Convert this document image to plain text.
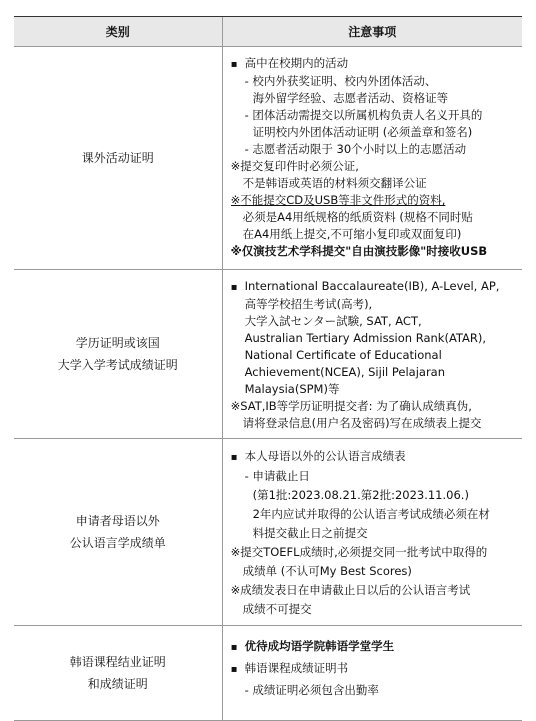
类别	注意事项
课外活动证明
▪ 高中在校期内的活动
- 校内外获奖证明、校内外团体活动、
海外留学经验、志愿者活动、资格证等
- 团体活动需提交以所属机构负责人名义开具的
证明校内外团体活动证明 (必须盖章和签名)
- 志愿者活动限于 30个小时以上的志愿活动
※ 提交复印件时必须公证,
不是韩语或英语的材料须交翻译公证
※ 不能提交CD及USB等非文件形式的资料,
必须是A4用纸规格的纸质资料 (规格不同时贴
在A4用纸上提交,不可缩小复印或双面复印)
※ 仅演技艺术学科提交"自由演技影像"时接收USB
学历证明或该国
大学入学考试成绩证明
▪ International Baccalaureate(IB), A-Level, AP,
高等学校招生考试(高考),
大学入試センター試験, SAT, ACT,
Australian Tertiary Admission Rank(ATAR),
National Certificate of Educational
Achievement(NCEA), Sijil Pelajaran
Malaysia(SPM)等
※ SAT,IB等学历证明提交者: 为了确认成绩真伪,
请将登录信息(用户名及密码)写在成绩表上提交
申请者母语以外
公认语言学成绩单
▪ 本人母语以外的公认语言成绩表
- 申请截止日
(第1批:2023.08.21.第2批:2023.11.06.)
2年内应试并取得的公认语言考试成绩必须在材
料提交截止日之前提交
※ 提交TOEFL成绩时,必须提交同一批考试中取得的
成绩单 (不认可My Best Scores)
※ 成绩发表日在申请截止日以后的公认语言考试
成绩不可提交
韩语课程结业证明
和成绩证明
▪ 优待成均语学院韩语学堂学生
▪ 韩语课程成绩证明书
- 成绩证明必须包含出勤率
